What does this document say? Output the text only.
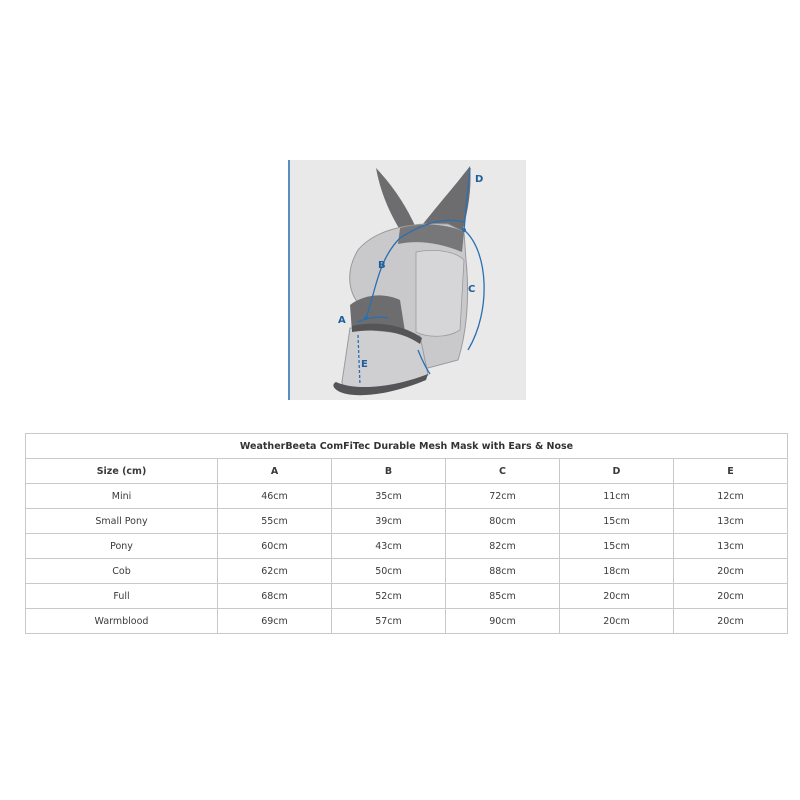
D
B
C
A
E
WeatherBeeta ComFiTec Durable Mesh Mask with Ears & Nose					
Size (cm)	A	B	C	D	E
Mini	46cm	35cm	72cm	11cm	12cm
Small Pony	55cm	39cm	80cm	15cm	13cm
Pony	60cm	43cm	82cm	15cm	13cm
Cob	62cm	50cm	88cm	18cm	20cm
Full	68cm	52cm	85cm	20cm	20cm
Warmblood	69cm	57cm	90cm	20cm	20cm
